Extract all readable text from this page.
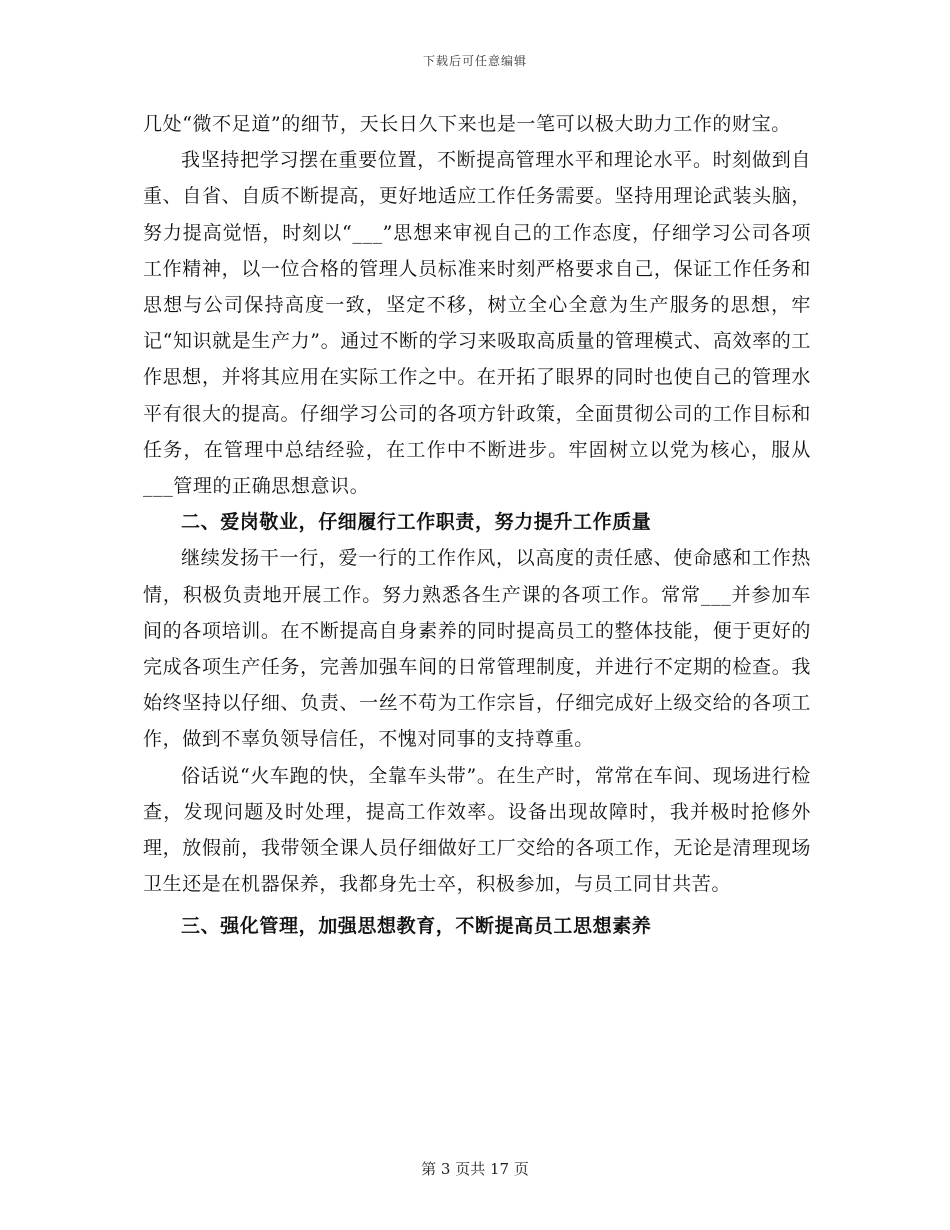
下载后可任意编辑

几处“微不足道”的细节，天长日久下来也是一笔可以极大助力工作的财宝。

我坚持把学习摆在重要位置，不断提高管理水平和理论水平。时刻做到自重、自省、自质不断提高，更好地适应工作任务需要。坚持用理论武装头脑，努力提高觉悟，时刻以“___”思想来审视自己的工作态度，仔细学习公司各项工作精神，以一位合格的管理人员标准来时刻严格要求自己，保证工作任务和思想与公司保持高度一致，坚定不移，树立全心全意为生产服务的思想，牢记“知识就是生产力”。通过不断的学习来吸取高质量的管理模式、高效率的工作思想，并将其应用在实际工作之中。在开拓了眼界的同时也使自己的管理水平有很大的提高。仔细学习公司的各项方针政策，全面贯彻公司的工作目标和任务，在管理中总结经验，在工作中不断进步。牢固树立以党为核心，服从___管理的正确思想意识。

二、爱岗敬业，仔细履行工作职责，努力提升工作质量

继续发扬干一行，爱一行的工作作风，以高度的责任感、使命感和工作热情，积极负责地开展工作。努力熟悉各生产课的各项工作。常常___并参加车间的各项培训。在不断提高自身素养的同时提高员工的整体技能，便于更好的完成各项生产任务，完善加强车间的日常管理制度，并进行不定期的检查。我始终坚持以仔细、负责、一丝不苟为工作宗旨，仔细完成好上级交给的各项工作，做到不辜负领导信任，不愧对同事的支持尊重。

俗话说“火车跑的快，全靠车头带”。在生产时，常常在车间、现场进行检查，发现问题及时处理，提高工作效率。设备出现故障时，我并极时抢修外理，放假前，我带领全课人员仔细做好工厂交给的各项工作，无论是清理现场卫生还是在机器保养，我都身先士卒，积极参加，与员工同甘共苦。

三、强化管理，加强思想教育，不断提高员工思想素养
第 3 页共 17 页
